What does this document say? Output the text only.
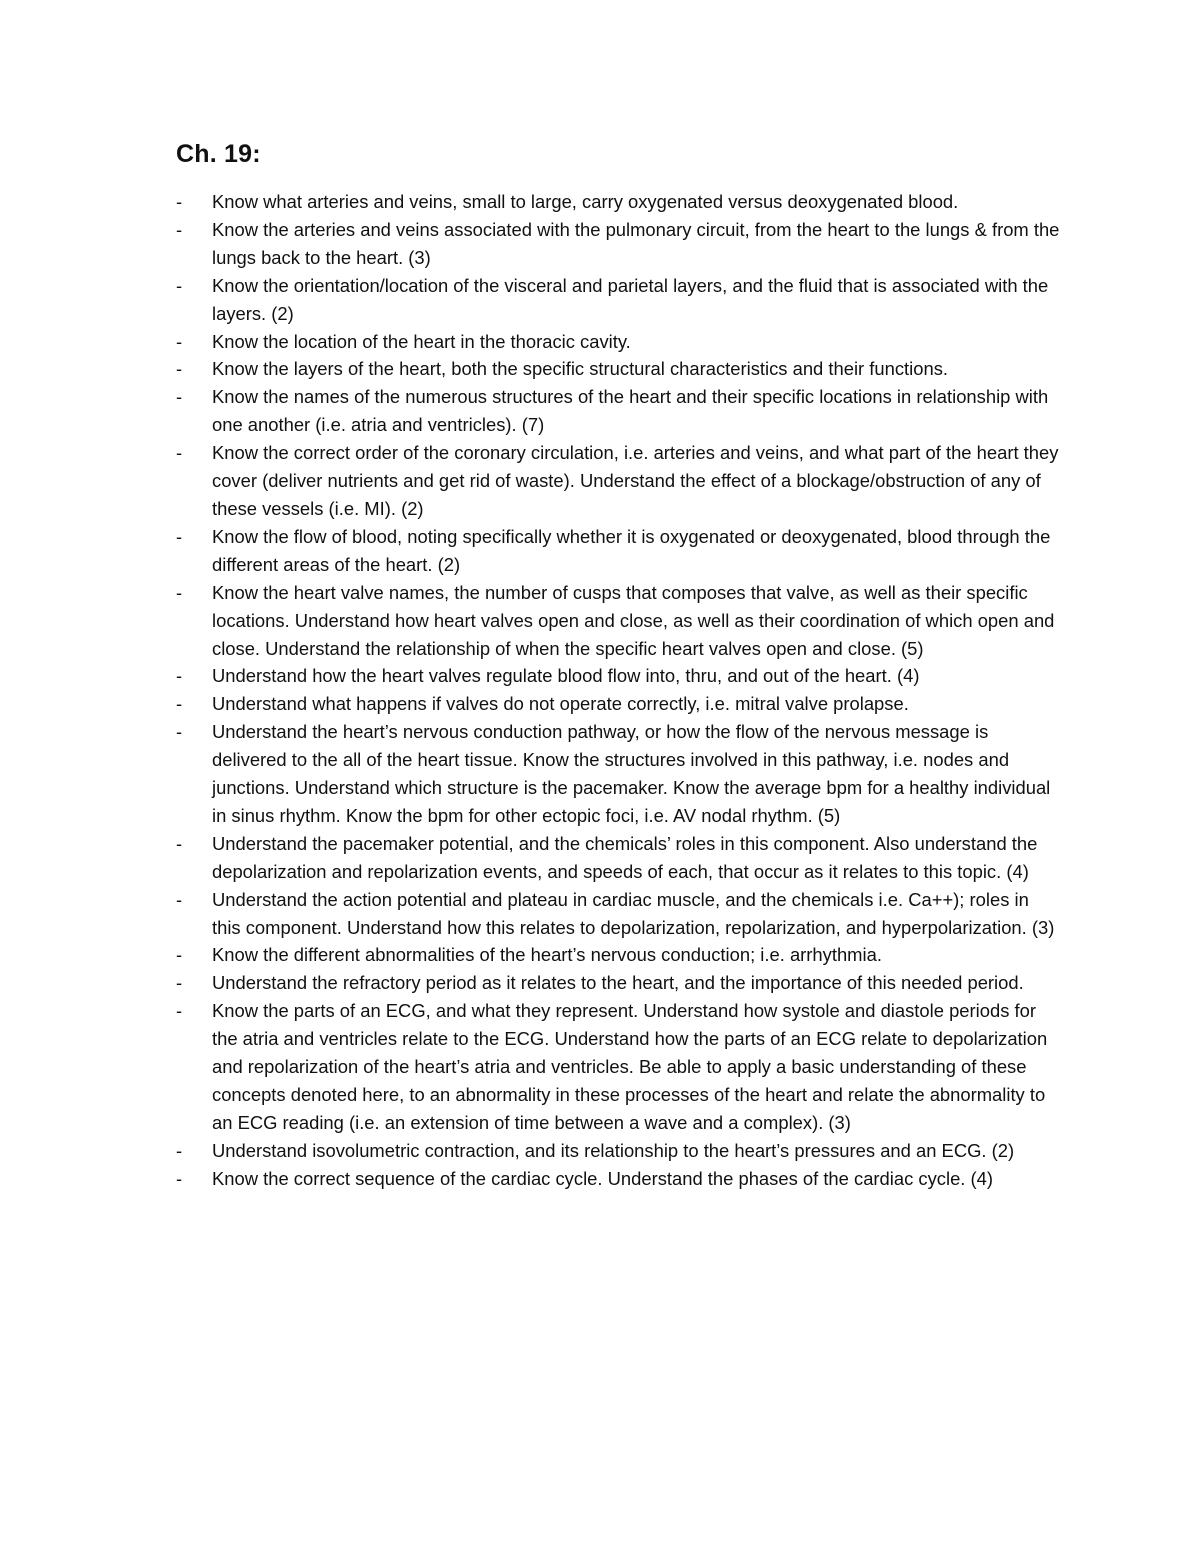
Ch. 19:
- Know what arteries and veins, small to large, carry oxygenated versus deoxygenated blood.
- Know the arteries and veins associated with the pulmonary circuit, from the heart to the lungs & from the lungs back to the heart. (3)
- Know the orientation/location of the visceral and parietal layers, and the fluid that is associated with the layers. (2)
- Know the location of the heart in the thoracic cavity.
- Know the layers of the heart, both the specific structural characteristics and their functions.
- Know the names of the numerous structures of the heart and their specific locations in relationship with one another (i.e. atria and ventricles). (7)
- Know the correct order of the coronary circulation, i.e. arteries and veins, and what part of the heart they cover (deliver nutrients and get rid of waste). Understand the effect of a blockage/obstruction of any of these vessels (i.e. MI). (2)
- Know the flow of blood, noting specifically whether it is oxygenated or deoxygenated, blood through the different areas of the heart. (2)
- Know the heart valve names, the number of cusps that composes that valve, as well as their specific locations. Understand how heart valves open and close, as well as their coordination of which open and close. Understand the relationship of when the specific heart valves open and close. (5)
- Understand how the heart valves regulate blood flow into, thru, and out of the heart. (4)
- Understand what happens if valves do not operate correctly, i.e. mitral valve prolapse.
- Understand the heart’s nervous conduction pathway, or how the flow of the nervous message is delivered to the all of the heart tissue. Know the structures involved in this pathway, i.e. nodes and junctions. Understand which structure is the pacemaker. Know the average bpm for a healthy individual in sinus rhythm. Know the bpm for other ectopic foci, i.e. AV nodal rhythm. (5)
- Understand the pacemaker potential, and the chemicals’ roles in this component. Also understand the depolarization and repolarization events, and speeds of each, that occur as it relates to this topic. (4)
- Understand the action potential and plateau in cardiac muscle, and the chemicals i.e. Ca++); roles in this component. Understand how this relates to depolarization, repolarization, and hyperpolarization. (3)
- Know the different abnormalities of the heart’s nervous conduction; i.e. arrhythmia.
- Understand the refractory period as it relates to the heart, and the importance of this needed period.
- Know the parts of an ECG, and what they represent. Understand how systole and diastole periods for the atria and ventricles relate to the ECG. Understand how the parts of an ECG relate to depolarization and repolarization of the heart’s atria and ventricles. Be able to apply a basic understanding of these concepts denoted here, to an abnormality in these processes of the heart and relate the abnormality to an ECG reading (i.e. an extension of time between a wave and a complex). (3)
- Understand isovolumetric contraction, and its relationship to the heart’s pressures and an ECG. (2)
- Know the correct sequence of the cardiac cycle. Understand the phases of the cardiac cycle. (4)
